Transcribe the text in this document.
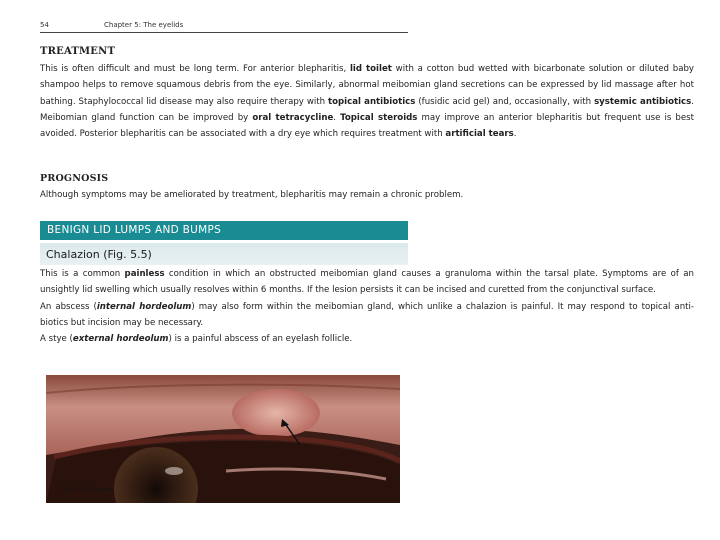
54	Chapter 5: The eyelids
TREATMENT
This is often difficult and must be long term. For anterior blepharitis, lid toilet with a cotton bud wetted with bicarbonate solution or diluted baby shampoo helps to remove squamous debris from the eye. Similarly, abnormal meibomian gland secretions can be expressed by lid massage after hot bathing. Staphylococcal lid disease may also require therapy with topical antibiotics (fusidic acid gel) and, occasionally, with systemic antibiotics. Meibomian gland function can be improved by oral tetracycline. Topical steroids may improve an anterior blepharitis but frequent use is best avoided. Posterior blepharitis can be associated with a dry eye which requires treatment with artificial tears.
PROGNOSIS
Although symptoms may be ameliorated by treatment, blepharitis may remain a chronic problem.
BENIGN LID LUMPS AND BUMPS
Chalazion (Fig. 5.5)
This is a common painless condition in which an obstructed meibomian gland causes a granuloma within the tarsal plate. Symptoms are of an unsightly lid swelling which usually resolves within 6 months. If the lesion persists it can be incised and curetted from the conjunctival surface.
An abscess (internal hordeolum) may also form within the meibomian gland, which unlike a chalazion is painful. It may respond to topical anti- biotics but incision may be necessary.
A stye (external hordeolum) is a painful abscess of an eyelash follicle.
Fig. 5.5 Chalazion.
